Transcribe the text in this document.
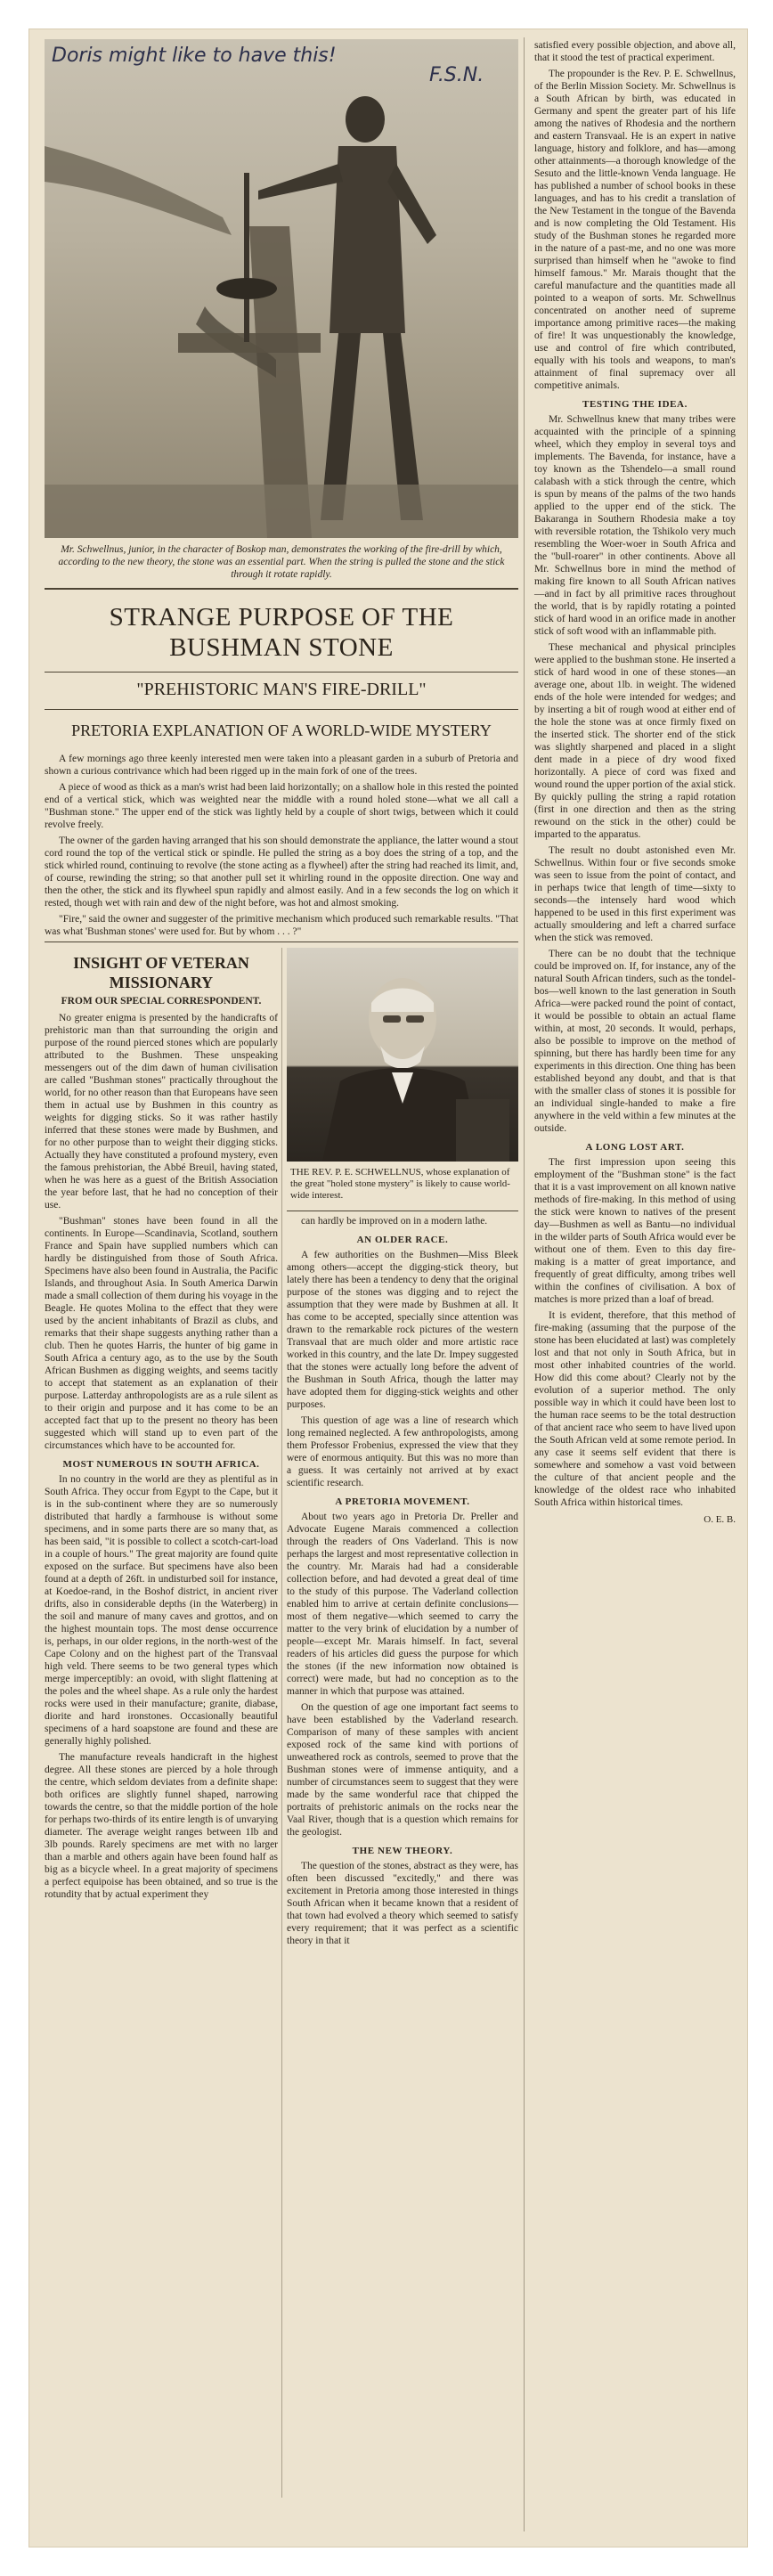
Doris might like to have this!
F.S.N.
Mr. Schwellnus, junior, in the character of Boskop man, demonstrates the working of the fire-drill by which, according to the new theory, the stone was an essential part. When the string is pulled the stone and the stick through it rotate rapidly.
STRANGE PURPOSE OF THE BUSHMAN STONE
"PREHISTORIC MAN'S FIRE-DRILL"
PRETORIA EXPLANATION OF A WORLD-WIDE MYSTERY

A few mornings ago three keenly interested men were taken into a pleasant garden in a suburb of Pretoria and shown a curious contrivance which had been rigged up in the main fork of one of the trees.

A piece of wood as thick as a man's wrist had been laid horizontally; on a shallow hole in this rested the pointed end of a vertical stick, which was weighted near the middle with a round holed stone—what we all call a "Bushman stone." The upper end of the stick was lightly held by a couple of short twigs, between which it could revolve freely.

The owner of the garden having arranged that his son should demonstrate the appliance, the latter wound a stout cord round the top of the vertical stick or spindle. He pulled the string as a boy does the string of a top, and the stick whirled round, continuing to revolve (the stone acting as a flywheel) after the string had reached its limit, and, of course, rewinding the string; so that another pull set it whirling round in the opposite direction. One way and then the other, the stick and its flywheel spun rapidly and almost easily. And in a few seconds the log on which it rested, though wet with rain and dew of the night before, was hot and almost smoking.

"Fire," said the owner and suggester of the primitive mechanism which produced such remarkable results. "That was what 'Bushman stones' were used for. But by whom . . . ?"

INSIGHT OF VETERAN MISSIONARY
FROM OUR SPECIAL CORRESPONDENT.

No greater enigma is presented by the handicrafts of prehistoric man than that surrounding the origin and purpose of the round pierced stones which are popularly attributed to the Bushmen. These unspeaking messengers out of the dim dawn of human civilisation are called "Bushman stones" practically throughout the world, for no other reason than that Europeans have seen them in actual use by Bushmen in this country as weights for digging sticks. So it was rather hastily inferred that these stones were made by Bushmen, and for no other purpose than to weight their digging sticks. Actually they have constituted a profound mystery, even the famous prehistorian, the Abbé Breuil, having stated, when he was here as a guest of the British Association the year before last, that he had no conception of their use.

"Bushman" stones have been found in all the continents. In Europe—Scandinavia, Scotland, southern France and Spain have supplied numbers which can hardly be distinguished from those of South Africa. Specimens have also been found in Australia, the Pacific Islands, and throughout Asia. In South America Darwin made a small collection of them during his voyage in the Beagle. He quotes Molina to the effect that they were used by the ancient inhabitants of Brazil as clubs, and remarks that their shape suggests anything rather than a club. Then he quotes Harris, the hunter of big game in South Africa a century ago, as to the use by the South African Bushmen as digging weights, and seems tacitly to accept that statement as an explanation of their purpose. Latterday anthropologists are as a rule silent as to their origin and purpose and it has come to be an accepted fact that up to the present no theory has been suggested which will stand up to even part of the circumstances which have to be accounted for.

MOST NUMEROUS IN SOUTH AFRICA.

In no country in the world are they as plentiful as in South Africa. They occur from Egypt to the Cape, but it is in the sub-continent where they are so numerously distributed that hardly a farmhouse is without some specimens, and in some parts there are so many that, as has been said, "it is possible to collect a scotch-cart-load in a couple of hours." The great majority are found quite exposed on the surface. But specimens have also been found at a depth of 26ft. in undisturbed soil for instance, at Koedoe-rand, in the Boshof district, in ancient river drifts, also in considerable depths (in the Waterberg) in the soil and manure of many caves and grottos, and on the highest mountain tops. The most dense occurrence is, perhaps, in our older regions, in the north-west of the Cape Colony and on the highest part of the Transvaal high veld. There seems to be two general types which merge imperceptibly: an ovoid, with slight flattening at the poles and the wheel shape. As a rule only the hardest rocks were used in their manufacture; granite, diabase, diorite and hard ironstones. Occasionally beautiful specimens of a hard soapstone are found and these are generally highly polished.

The manufacture reveals handicraft in the highest degree. All these stones are pierced by a hole through the centre, which seldom deviates from a definite shape: both orifices are slightly funnel shaped, narrowing towards the centre, so that the middle portion of the hole for perhaps two-thirds of its entire length is of unvarying diameter. The average weight ranges between 1lb and 3lb pounds. Rarely specimens are met with no larger than a marble and others again have been found half as big as a bicycle wheel. In a great majority of specimens a perfect equipoise has been obtained, and so true is the rotundity that by actual experiment they

THE REV. P. E. SCHWELLNUS, whose explanation of the great "holed stone mystery" is likely to cause world-wide interest.

can hardly be improved on in a modern lathe.

AN OLDER RACE.

A few authorities on the Bushmen—Miss Bleek among others—accept the digging-stick theory, but lately there has been a tendency to deny that the original purpose of the stones was digging and to reject the assumption that they were made by Bushmen at all. It has come to be accepted, specially since attention was drawn to the remarkable rock pictures of the western Transvaal that are much older and more artistic race worked in this country, and the late Dr. Impey suggested that the stones were actually long before the advent of the Bushman in South Africa, though the latter may have adopted them for digging-stick weights and other purposes.

This question of age was a line of research which long remained neglected. A few anthropologists, among them Professor Frobenius, expressed the view that they were of enormous antiquity. But this was no more than a guess. It was certainly not arrived at by exact scientific research.

A PRETORIA MOVEMENT.

About two years ago in Pretoria Dr. Preller and Advocate Eugene Marais commenced a collection through the readers of Ons Vaderland. This is now perhaps the largest and most representative collection in the country. Mr. Marais had had a considerable collection before, and had devoted a great deal of time to the study of this purpose. The Vaderland collection enabled him to arrive at certain definite conclusions—most of them negative—which seemed to carry the matter to the very brink of elucidation by a number of people—except Mr. Marais himself. In fact, several readers of his articles did guess the purpose for which the stones (if the new information now obtained is correct) were made, but had no conception as to the manner in which that purpose was attained.

On the question of age one important fact seems to have been established by the Vaderland research. Comparison of many of these samples with ancient exposed rock of the same kind with portions of unweathered rock as controls, seemed to prove that the Bushman stones were of immense antiquity, and a number of circumstances seem to suggest that they were made by the same wonderful race that chipped the portraits of prehistoric animals on the rocks near the Vaal River, though that is a question which remains for the geologist.

THE NEW THEORY.

The question of the stones, abstract as they were, has often been discussed "excitedly," and there was excitement in Pretoria among those interested in things South African when it became known that a resident of that town had evolved a theory which seemed to satisfy every requirement; that it was perfect as a scientific theory in that it

satisfied every possible objection, and above all, that it stood the test of practical experiment.

The propounder is the Rev. P. E. Schwellnus, of the Berlin Mission Society. Mr. Schwellnus is a South African by birth, was educated in Germany and spent the greater part of his life among the natives of Rhodesia and the northern and eastern Transvaal. He is an expert in native language, history and folklore, and has—among other attainments—a thorough knowledge of the Sesuto and the little-known Venda language. He has published a number of school books in these languages, and has to his credit a translation of the New Testament in the tongue of the Bavenda and is now completing the Old Testament. His study of the Bushman stones he regarded more in the nature of a past-me, and no one was more surprised than himself when he "awoke to find himself famous." Mr. Marais thought that the careful manufacture and the quantities made all pointed to a weapon of sorts. Mr. Schwellnus concentrated on another need of supreme importance among primitive races—the making of fire! It was unquestionably the knowledge, use and control of fire which contributed, equally with his tools and weapons, to man's attainment of final supremacy over all competitive animals.

TESTING THE IDEA.

Mr. Schwellnus knew that many tribes were acquainted with the principle of a spinning wheel, which they employ in several toys and implements. The Bavenda, for instance, have a toy known as the Tshendelo—a small round calabash with a stick through the centre, which is spun by means of the palms of the two hands applied to the upper end of the stick. The Bakaranga in Southern Rhodesia make a toy with reversible rotation, the Tshikolo very much resembling the Woer-woer in South Africa and the "bull-roarer" in other continents. Above all Mr. Schwellnus bore in mind the method of making fire known to all South African natives—and in fact by all primitive races throughout the world, that is by rapidly rotating a pointed stick of hard wood in an orifice made in another stick of soft wood with an inflammable pith.

These mechanical and physical principles were applied to the bushman stone. He inserted a stick of hard wood in one of these stones—an average one, about 1lb. in weight. The widened ends of the hole were intended for wedges; and by inserting a bit of rough wood at either end of the hole the stone was at once firmly fixed on the inserted stick. The shorter end of the stick was slightly sharpened and placed in a slight dent made in a piece of dry wood fixed horizontally. A piece of cord was fixed and wound round the upper portion of the axial stick. By quickly pulling the string a rapid rotation (first in one direction and then as the string rewound on the stick in the other) could be imparted to the apparatus.

The result no doubt astonished even Mr. Schwellnus. Within four or five seconds smoke was seen to issue from the point of contact, and in perhaps twice that length of time—sixty to seconds—the intensely hard wood which happened to be used in this first experiment was actually smouldering and left a charred surface when the stick was removed.

There can be no doubt that the technique could be improved on. If, for instance, any of the natural South African tinders, such as the tondel-bos—well known to the last generation in South Africa—were packed round the point of contact, it would be possible to obtain an actual flame within, at most, 20 seconds. It would, perhaps, also be possible to improve on the method of spinning, but there has hardly been time for any experiments in this direction. One thing has been established beyond any doubt, and that is that with the smaller class of stones it is possible for an individual single-handed to make a fire anywhere in the veld within a few minutes at the outside.

A LONG LOST ART.

The first impression upon seeing this employment of the "Bushman stone" is the fact that it is a vast improvement on all known native methods of fire-making. In this method of using the stick were known to natives of the present day—Bushmen as well as Bantu—no individual in the wilder parts of South Africa would ever be without one of them. Even to this day fire-making is a matter of great importance, and frequently of great difficulty, among tribes well within the confines of civilisation. A box of matches is more prized than a loaf of bread.

It is evident, therefore, that this method of fire-making (assuming that the purpose of the stone has been elucidated at last) was completely lost and that not only in South Africa, but in most other inhabited countries of the world. How did this come about? Clearly not by the evolution of a superior method. The only possible way in which it could have been lost to the human race seems to be the total destruction of that ancient race who seem to have lived upon the South African veld at some remote period. In any case it seems self evident that there is somewhere and somehow a vast void between the culture of that ancient people and the knowledge of the oldest race who inhabited South Africa within historical times.

O. E. B.
